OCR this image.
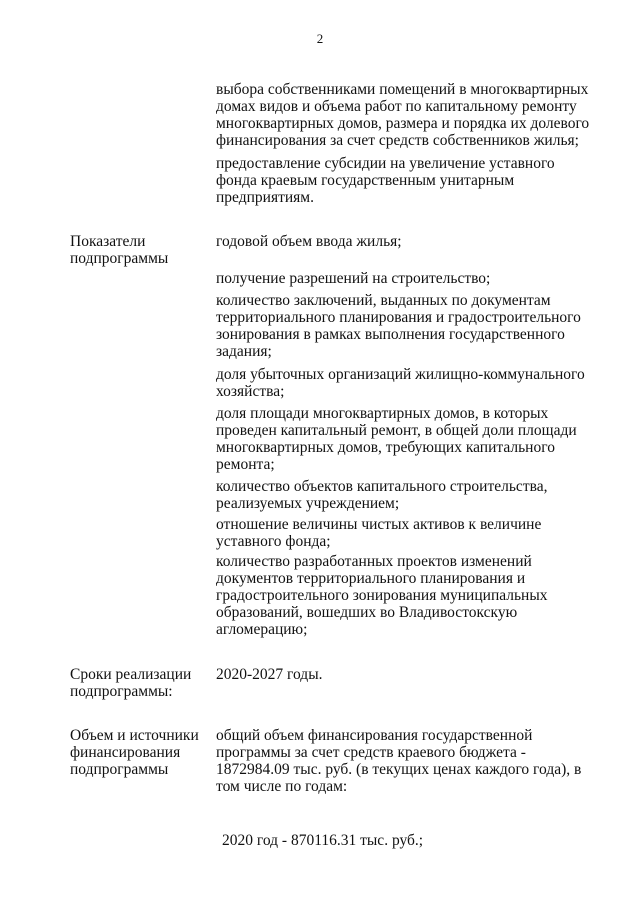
2

выбора собственниками помещений в многоквартирных
домах видов и объема работ по капитальному ремонту
многоквартирных домов, размера и порядка их долевого
финансирования за счет средств собственников жилья;

предоставление субсидии на увеличение уставного
фонда краевым государственным унитарным
предприятиям.

Показатели
подпрограммы

годовой объем ввода жилья;

получение разрешений на строительство;

количество заключений, выданных по документам
территориального планирования и градостроительного
зонирования в рамках выполнения государственного
задания;

доля убыточных организаций жилищно-коммунального
хозяйства;

доля площади многоквартирных домов, в которых
проведен капитальный ремонт, в общей доли площади
многоквартирных домов, требующих капитального
ремонта;

количество объектов капитального строительства,
реализуемых учреждением;

отношение величины чистых активов к величине
уставного фонда;

количество разработанных проектов изменений
документов территориального планирования и
градостроительного зонирования муниципальных
образований, вошедших во Владивостокскую
агломерацию;

Сроки реализации
подпрограммы:

2020-2027 годы.

Объем и источники
финансирования
подпрограммы

общий объем финансирования государственной
программы за счет средств краевого бюджета -
1872984.09 тыс. руб. (в текущих ценах каждого года), в
том числе по годам:

2020 год - 870116.31 тыс. руб.;
